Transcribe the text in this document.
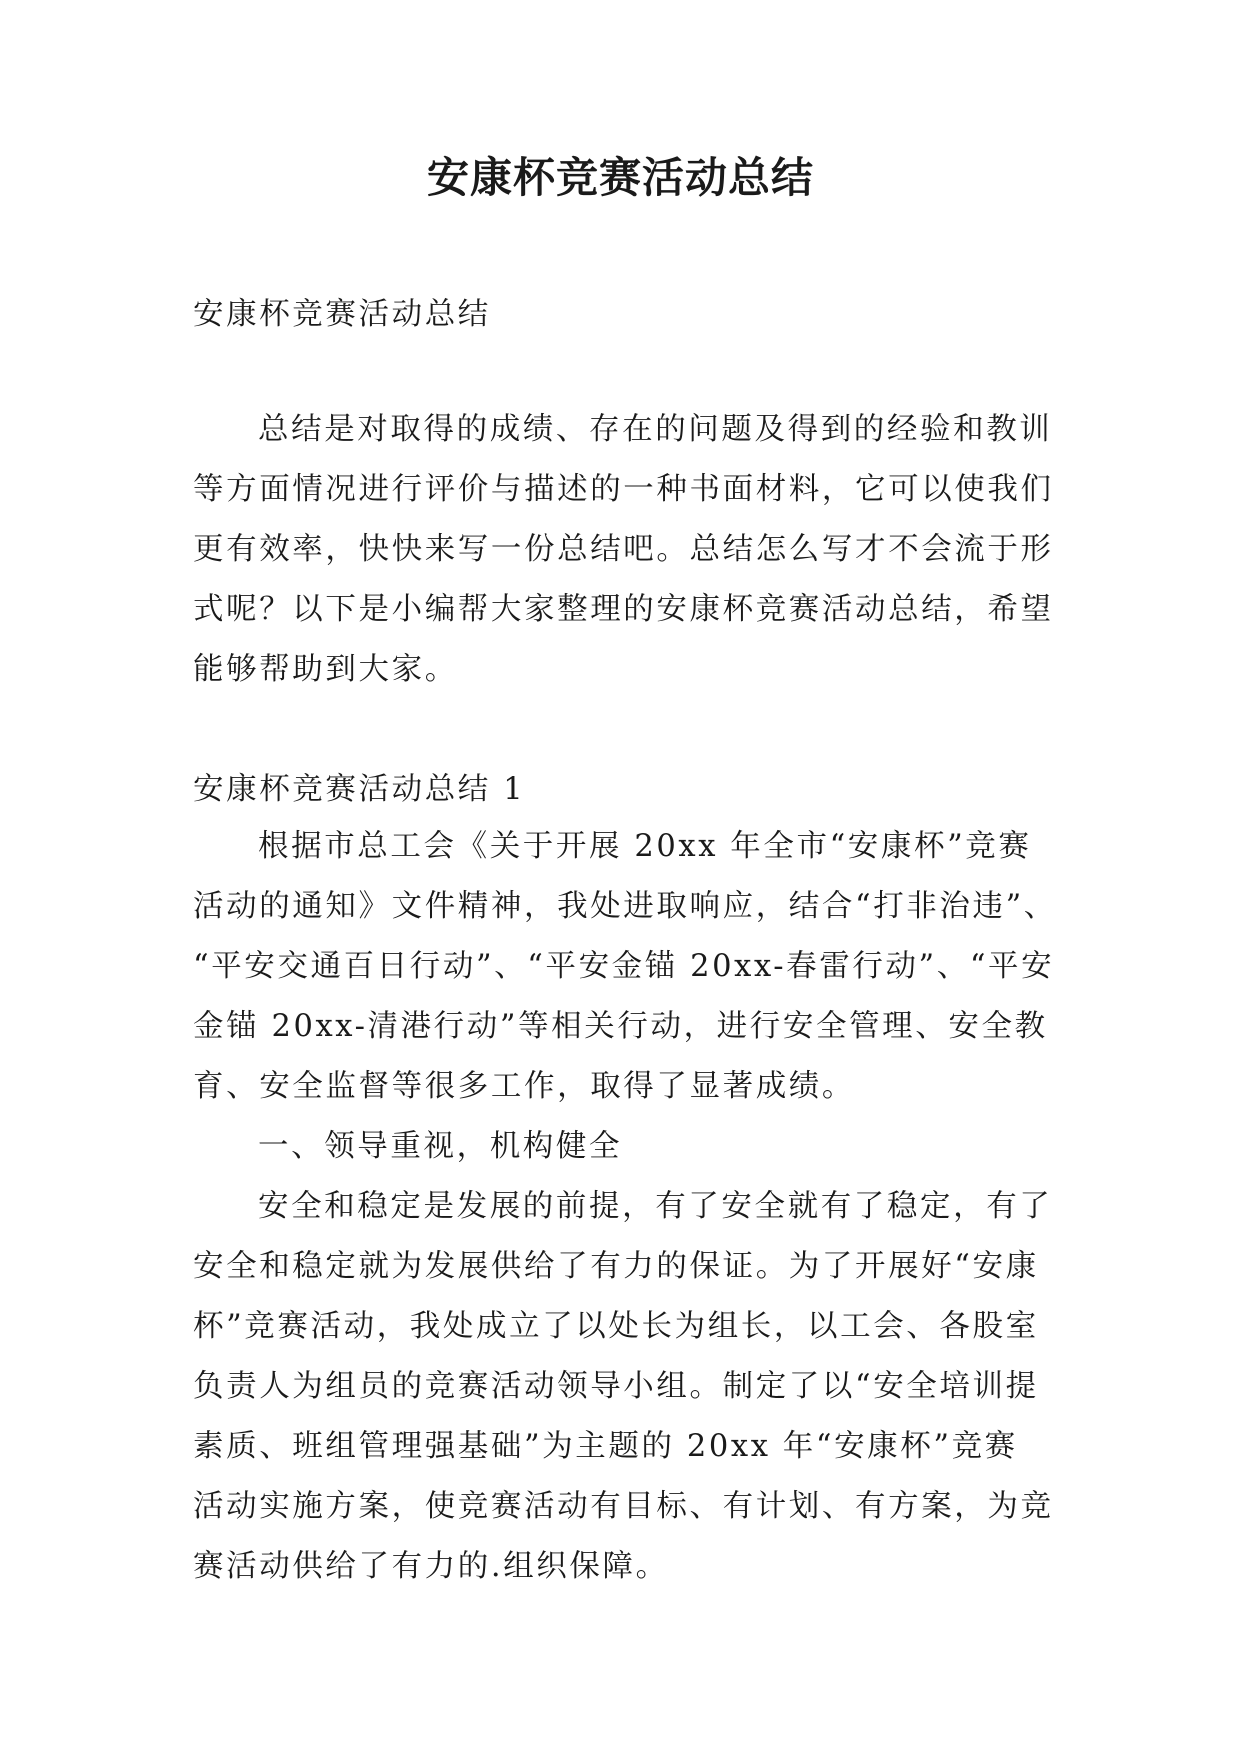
安康杯竞赛活动总结

安康杯竞赛活动总结

总结是对取得的成绩、存在的问题及得到的经验和教训
等方面情况进行评价与描述的一种书面材料，它可以使我们
更有效率，快快来写一份总结吧。总结怎么写才不会流于形
式呢？以下是小编帮大家整理的安康杯竞赛活动总结，希望
能够帮助到大家。

安康杯竞赛活动总结 1

根据市总工会《关于开展 20xx 年全市“安康杯”竞赛
活动的通知》文件精神，我处进取响应，结合“打非治违”、
“平安交通百日行动”、“平安金锚 20xx-春雷行动”、“平安
金锚 20xx-清港行动”等相关行动，进行安全管理、安全教
育、安全监督等很多工作，取得了显著成绩。
一、领导重视，机构健全
安全和稳定是发展的前提，有了安全就有了稳定，有了
安全和稳定就为发展供给了有力的保证。为了开展好“安康
杯”竞赛活动，我处成立了以处长为组长，以工会、各股室
负责人为组员的竞赛活动领导小组。制定了以“安全培训提
素质、班组管理强基础”为主题的 20xx 年“安康杯”竞赛
活动实施方案，使竞赛活动有目标、有计划、有方案，为竞
赛活动供给了有力的.组织保障。
